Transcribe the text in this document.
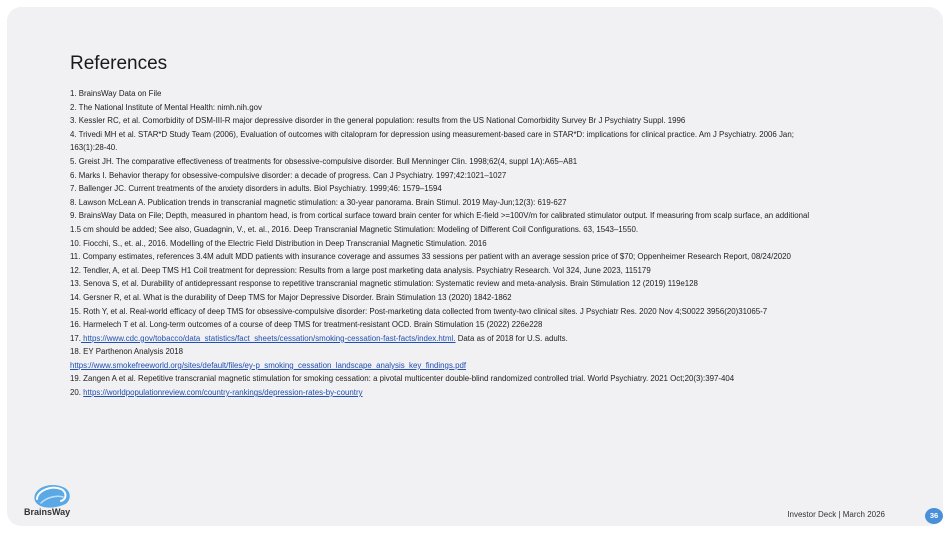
References

1. BrainsWay Data on File

2. The National Institute of Mental Health: nimh.nih.gov

3. Kessler RC, et al. Comorbidity of DSM-III-R major depressive disorder in the general population: results from the US National Comorbidity Survey Br J Psychiatry Suppl. 1996

4. Trivedi MH et al. STAR*D Study Team (2006), Evaluation of outcomes with citalopram for depression using measurement-based care in STAR*D: implications for clinical practice. Am J Psychiatry. 2006 Jan; 163(1):28-40.

5. Greist JH. The comparative effectiveness of treatments for obsessive-compulsive disorder. Bull Menninger Clin. 1998;62(4, suppl 1A):A65–A81

6. Marks I. Behavior therapy for obsessive-compulsive disorder: a decade of progress. Can J Psychiatry. 1997;42:1021–1027

7. Ballenger JC. Current treatments of the anxiety disorders in adults. Biol Psychiatry. 1999;46: 1579–1594

8. Lawson McLean A. Publication trends in transcranial magnetic stimulation: a 30-year panorama. Brain Stimul. 2019 May-Jun;12(3): 619-627

9. BrainsWay Data on File; Depth, measured in phantom head, is from cortical surface toward brain center for which E-field >=100V/m for calibrated stimulator output. If measuring from scalp surface, an additional 1.5 cm should be added; See also, Guadagnin, V., et. al., 2016. Deep Transcranial Magnetic Stimulation: Modeling of Different Coil Configurations. 63, 1543–1550.

10. Fiocchi, S., et. al., 2016. Modelling of the Electric Field Distribution in Deep Transcranial Magnetic Stimulation. 2016

11. Company estimates, references 3.4M adult MDD patients with insurance coverage and assumes 33 sessions per patient with an average session price of $70; Oppenheimer Research Report, 08/24/2020

12. Tendler, A, et al. Deep TMS H1 Coil treatment for depression: Results from a large post marketing data analysis. Psychiatry Research. Vol 324, June 2023, 115179

13. Senova S, et al. Durability of antidepressant response to repetitive transcranial magnetic stimulation: Systematic review and meta-analysis. Brain Stimulation 12 (2019) 119e128

14. Gersner R, et al. What is the durability of Deep TMS for Major Depressive Disorder. Brain Stimulation 13 (2020) 1842-1862

15. Roth Y, et al. Real-world efficacy of deep TMS for obsessive-compulsive disorder: Post-marketing data collected from twenty-two clinical sites. J Psychiatr Res. 2020 Nov 4;S0022 3956(20)31065-7

16. Harmelech T et al. Long-term outcomes of a course of deep TMS for treatment-resistant OCD. Brain Stimulation 15 (2022) 226e228

17. https://www.cdc.gov/tobacco/data_statistics/fact_sheets/cessation/smoking-cessation-fast-facts/index.html. Data as of 2018 for U.S. adults.

18. EY Parthenon Analysis 2018

https://www.smokefreeworld.org/sites/default/files/ey-p_smoking_cessation_landscape_analysis_key_findings.pdf

19. Zangen A et al. Repetitive transcranial magnetic stimulation for smoking cessation: a pivotal multicenter double-blind randomized controlled trial. World Psychiatry. 2021 Oct;20(3):397-404

20. https://worldpopulationreview.com/country-rankings/depression-rates-by-country

BrainsWay	Investor Deck | March 2026	36
